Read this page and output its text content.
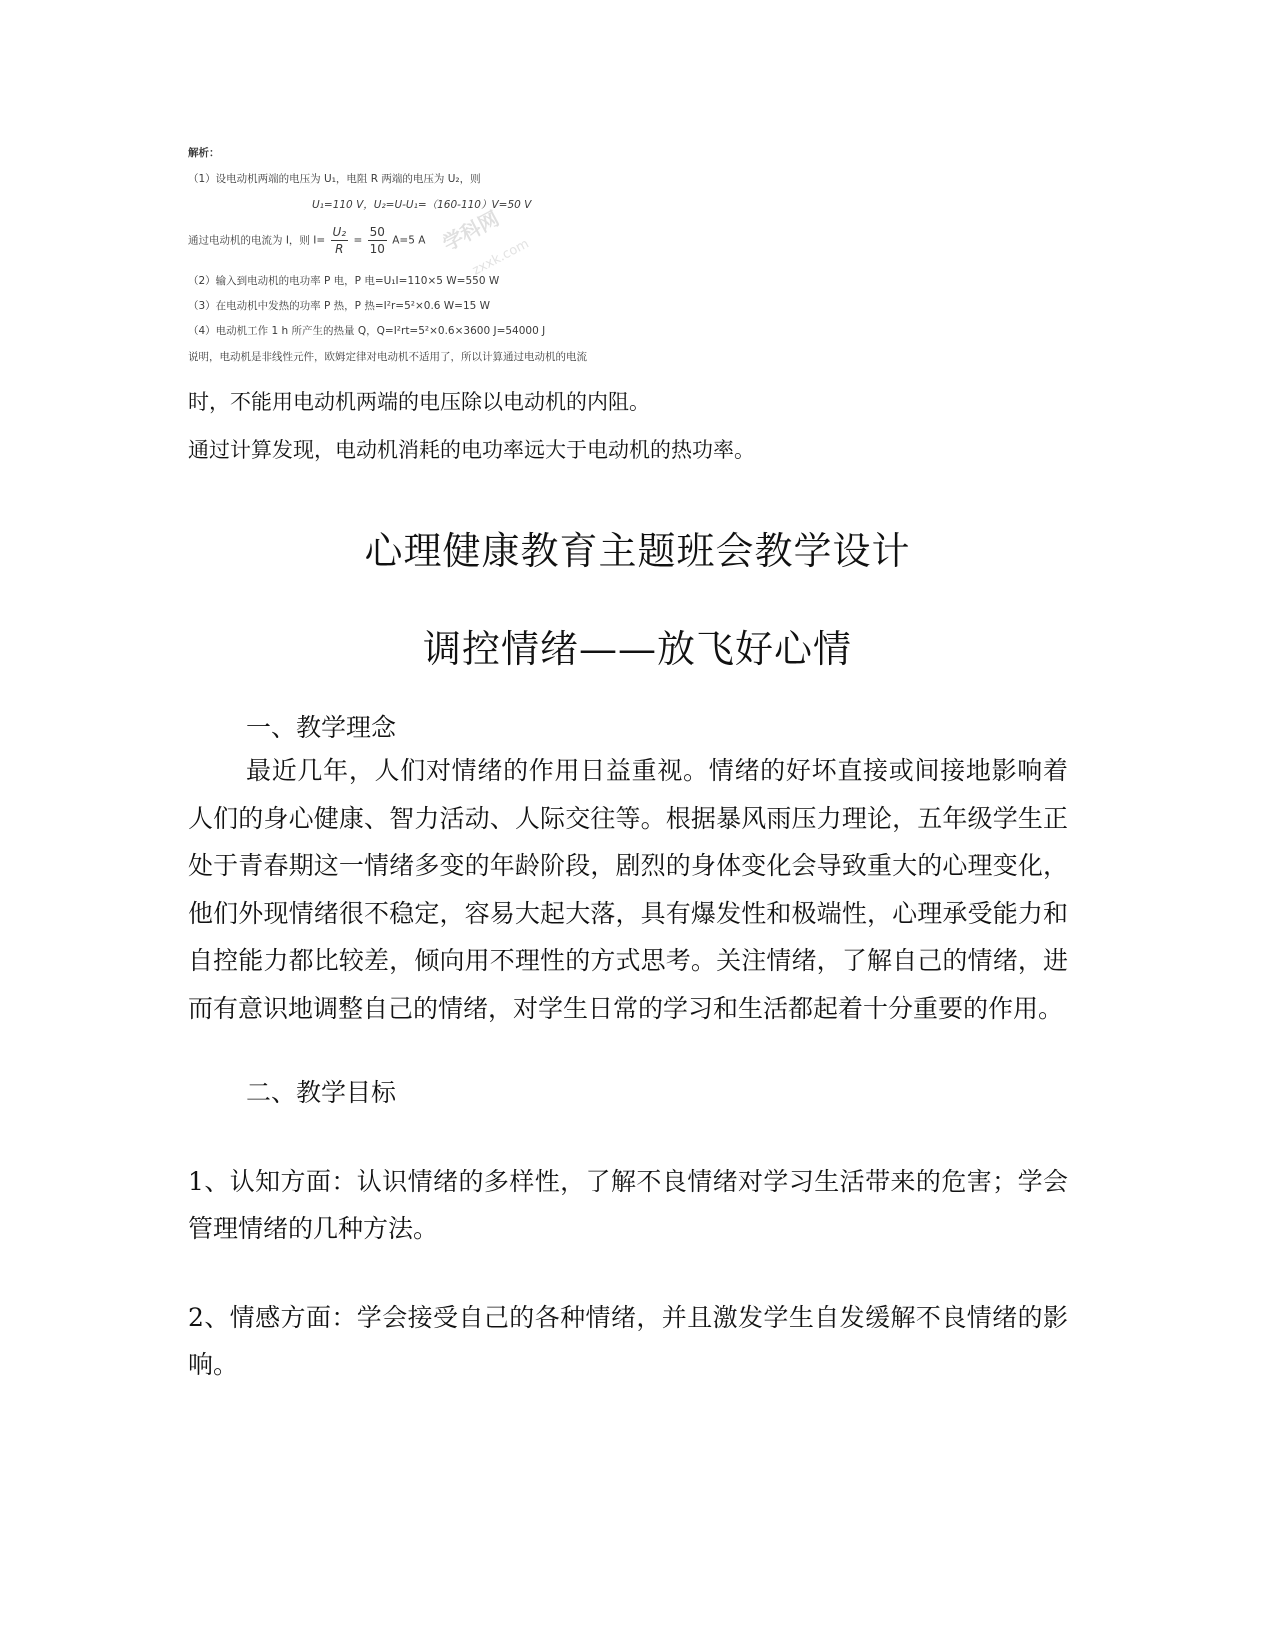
解析：
（1）设电动机两端的电压为 U₁，电阻 R 两端的电压为 U₂，则
U₁=110 V，U₂=U-U₁=（160-110）V=50 V
通过电动机的电流为 I，则 $I= \frac{\text{U₂}}{R} = \frac{50}{10} A=5$ A
（2）输入到电动机的电功率 P 电，P 电=U₁I=110×5 W=550 W
（3）在电动机中发热的功率 P 热，P 热=I²r=5²×0.6 W=15 W
（4）电动机工作 1 h 所产生的热量 Q，Q=I²rt=5²×0.6×3600 J=54000 J
说明，电动机是非线性元件，欧姆定律对电动机不适用了，所以计算通过电动机的电流
学科网
zxxk.com
时，不能用电动机两端的电压除以电动机的内阻。
通过计算发现，电动机消耗的电功率远大于电动机的热功率。
心理健康教育主题班会教学设计
调控情绪——放飞好心情
一、教学理念

最近几年，人们对情绪的作用日益重视。情绪的好坏直接或间接地影响着人们的身心健康、智力活动、人际交往等。根据暴风雨压力理论，五年级学生正处于青春期这一情绪多变的年龄阶段，剧烈的身体变化会导致重大的心理变化，他们外现情绪很不稳定，容易大起大落，具有爆发性和极端性，心理承受能力和自控能力都比较差，倾向用不理性的方式思考。关注情绪，了解自己的情绪，进而有意识地调整自己的情绪，对学生日常的学习和生活都起着十分重要的作用。

二、教学目标

1、认知方面：认识情绪的多样性，了解不良情绪对学习生活带来的危害；学会管理情绪的几种方法。

2、情感方面：学会接受自己的各种情绪，并且激发学生自发缓解不良情绪的影响。
